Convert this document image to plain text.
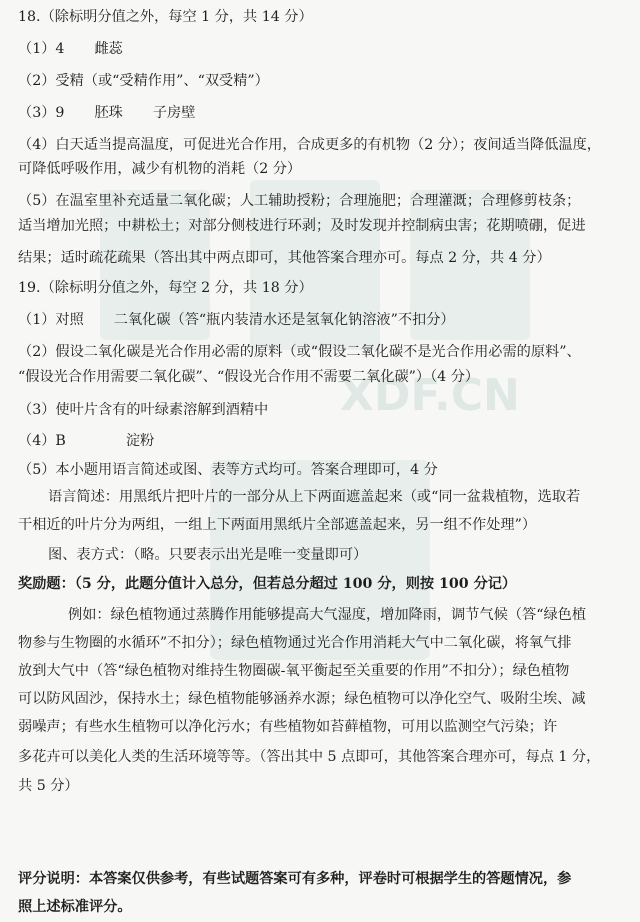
XDF.CN
18.（除标明分值之外，每空 1 分，共 14 分）
（1）4 雌蕊
（2）受精（或“受精作用”、“双受精”）
（3）9 胚珠 子房壁
（4）白天适当提高温度，可促进光合作用，合成更多的有机物（2 分）；夜间适当降低温度，
可降低呼吸作用，减少有机物的消耗（2 分）
（5）在温室里补充适量二氧化碳；人工辅助授粉；合理施肥；合理灌溉；合理修剪枝条；
适当增加光照；中耕松土；对部分侧枝进行环剥；及时发现并控制病虫害；花期喷硼，促进
结果；适时疏花疏果（答出其中两点即可，其他答案合理亦可。每点 2 分，共 4 分）
19.（除标明分值之外，每空 2 分，共 18 分）
（1）对照 二氧化碳（答“瓶内装清水还是氢氧化钠溶液”不扣分）
（2）假设二氧化碳是光合作用必需的原料（或“假设二氧化碳不是光合作用必需的原料”、
“假设光合作用需要二氧化碳”、“假设光合作用不需要二氧化碳”）（4 分）
（3）使叶片含有的叶绿素溶解到酒精中
（4）B	淀粉
（5）本小题用语言简述或图、表等方式均可。答案合理即可，4 分
语言简述：用黑纸片把叶片的一部分从上下两面遮盖起来（或“同一盆栽植物，选取若
干相近的叶片分为两组，一组上下两面用黑纸片全部遮盖起来，另一组不作处理”）
图、表方式：（略。只要表示出光是唯一变量即可）
奖励题：（5 分，此题分值计入总分，但若总分超过 100 分，则按 100 分记）
例如：绿色植物通过蒸腾作用能够提高大气湿度，增加降雨，调节气候（答“绿色植
物参与生物圈的水循环”不扣分）；绿色植物通过光合作用消耗大气中二氧化碳，将氧气排
放到大气中（答“绿色植物对维持生物圈碳-氧平衡起至关重要的作用”不扣分）；绿色植物
可以防风固沙，保持水土；绿色植物能够涵养水源；绿色植物可以净化空气、吸附尘埃、减
弱噪声；有些水生植物可以净化污水；有些植物如苔藓植物，可用以监测空气污染；许
多花卉可以美化人类的生活环境等等。（答出其中 5 点即可，其他答案合理亦可，每点 1 分，
共 5 分）
评分说明：本答案仅供参考，有些试题答案可有多种，评卷时可根据学生的答题情况，参
照上述标准评分。
